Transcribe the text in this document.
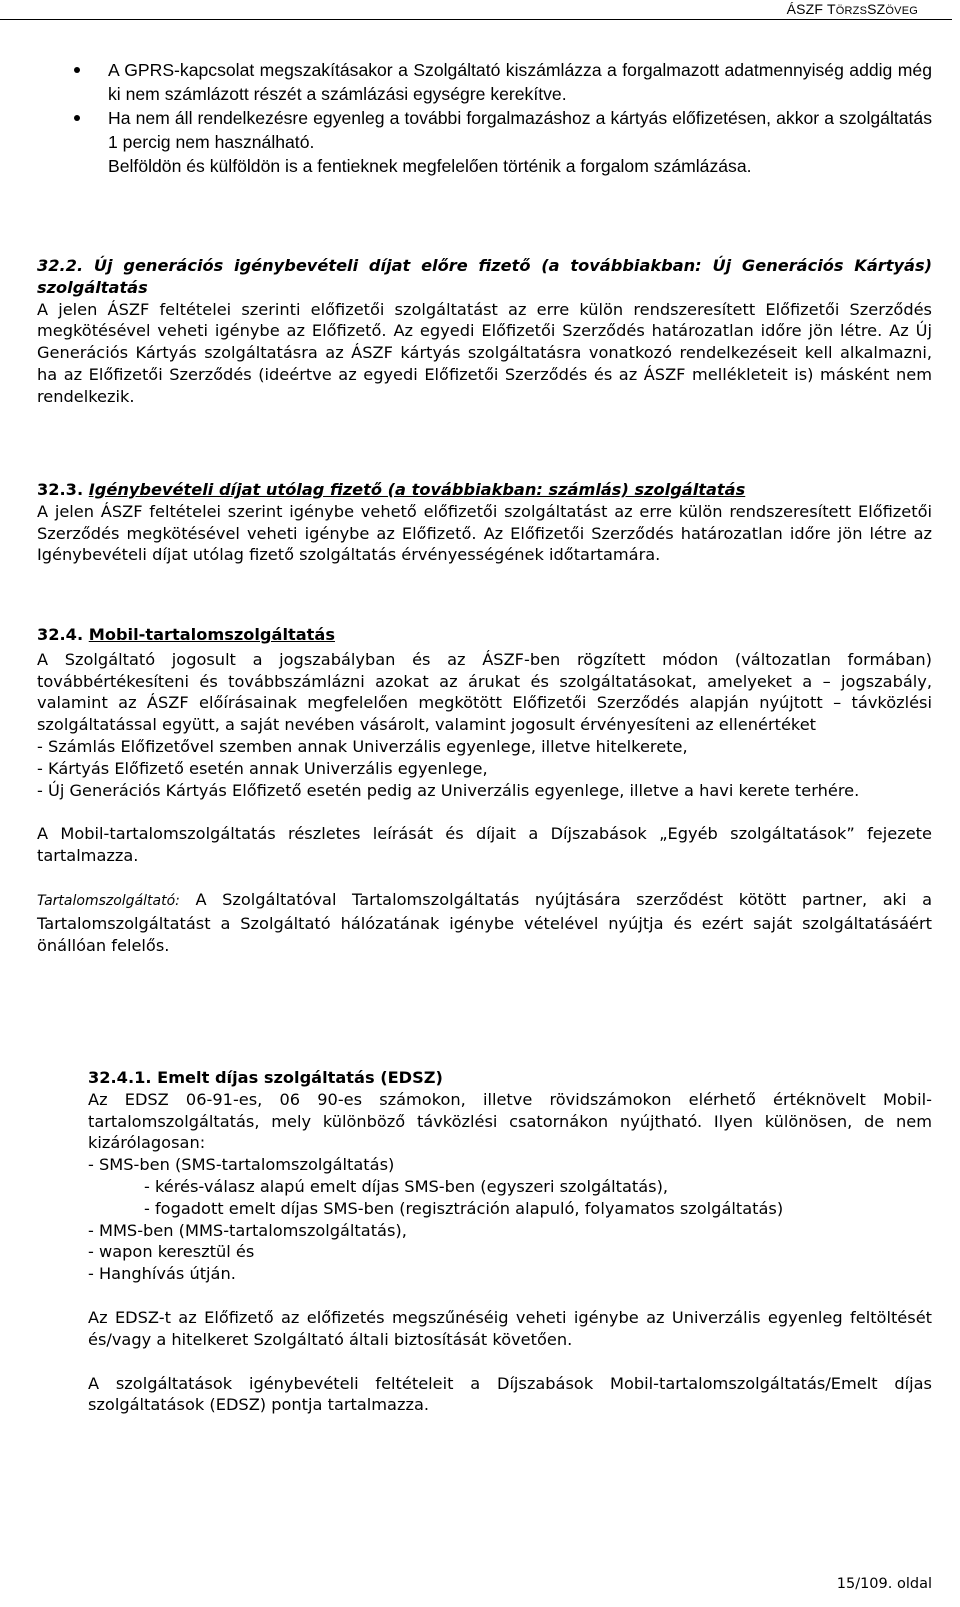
ÁSZF TÖRZSSZÖVEG
A GPRS-kapcsolat megszakításakor a Szolgáltató kiszámlázza a forgalmazott adatmennyiség addig még ki nem számlázott részét a számlázási egységre kerekítve.
Ha nem áll rendelkezésre egyenleg a további forgalmazáshoz a kártyás előfizetésen, akkor a szolgáltatás 1 percig nem használható.

Belföldön és külföldön is a fentieknek megfelelően történik a forgalom számlázása.

32.2. Új generációs igénybevételi díjat előre fizető (a továbbiakban: Új Generációs Kártyás) szolgáltatás

A jelen ÁSZF feltételei szerinti előfizetői szolgáltatást az erre külön rendszeresített Előfizetői Szerződés megkötésével veheti igénybe az Előfizető. Az egyedi Előfizetői Szerződés határozatlan időre jön létre. Az Új Generációs Kártyás szolgáltatásra az ÁSZF kártyás szolgáltatásra vonatkozó rendelkezéseit kell alkalmazni, ha az Előfizetői Szerződés (ideértve az egyedi Előfizetői Szerződés és az ÁSZF mellékleteit is) másként nem rendelkezik.

32.3. Igénybevételi díjat utólag fizető (a továbbiakban: számlás) szolgáltatás

A jelen ÁSZF feltételei szerint igénybe vehető előfizetői szolgáltatást az erre külön rendszeresített Előfizetői Szerződés megkötésével veheti igénybe az Előfizető. Az Előfizetői Szerződés határozatlan időre jön létre az Igénybevételi díjat utólag fizető szolgáltatás érvényességének időtartamára.

32.4. Mobil-tartalomszolgáltatás

A Szolgáltató jogosult a jogszabályban és az ÁSZF-ben rögzített módon (változatlan formában) továbbértékesíteni és továbbszámlázni azokat az árukat és szolgáltatásokat, amelyeket a – jogszabály, valamint az ÁSZF előírásainak megfelelően megkötött Előfizetői Szerződés alapján nyújtott – távközlési szolgáltatással együtt, a saját nevében vásárolt, valamint jogosult érvényesíteni az ellenértéket

- Számlás Előfizetővel szemben annak Univerzális egyenlege, illetve hitelkerete,

- Kártyás Előfizető esetén annak Univerzális egyenlege,

- Új Generációs Kártyás Előfizető esetén pedig az Univerzális egyenlege, illetve a havi kerete terhére.

A Mobil-tartalomszolgáltatás részletes leírását és díjait a Díjszabások „Egyéb szolgáltatások” fejezete tartalmazza.

Tartalomszolgáltató: A Szolgáltatóval Tartalomszolgáltatás nyújtására szerződést kötött partner, aki a Tartalomszolgáltatást a Szolgáltató hálózatának igénybe vételével nyújtja és ezért saját szolgáltatásáért önállóan felelős.

32.4.1. Emelt díjas szolgáltatás (EDSZ)

Az EDSZ 06-91-es, 06 90-es számokon, illetve rövidszámokon elérhető értéknövelt Mobil-tartalomszolgáltatás, mely különböző távközlési csatornákon nyújtható. Ilyen különösen, de nem kizárólagosan:

- SMS-ben (SMS-tartalomszolgáltatás)

- kérés-válasz alapú emelt díjas SMS-ben (egyszeri szolgáltatás),

- fogadott emelt díjas SMS-ben (regisztráción alapuló, folyamatos szolgáltatás)

- MMS-ben (MMS-tartalomszolgáltatás),

- wapon keresztül és

- Hanghívás útján.

Az EDSZ-t az Előfizető az előfizetés megszűnéséig veheti igénybe az Univerzális egyenleg feltöltését és/vagy a hitelkeret Szolgáltató általi biztosítását követően.

A szolgáltatások igénybevételi feltételeit a Díjszabások Mobil-tartalomszolgáltatás/Emelt díjas szolgáltatások (EDSZ) pontja tartalmazza.

15/109. oldal
